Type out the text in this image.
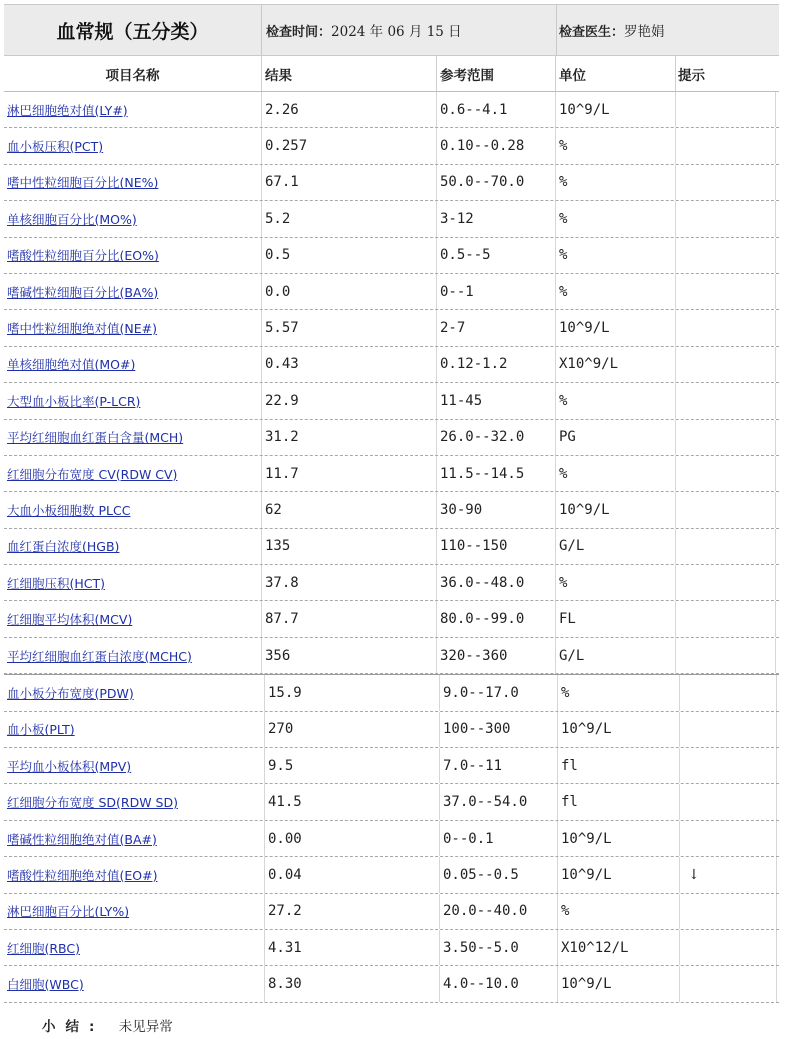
血常规（五分类）	检查时间： 2024 年 06 月 15 日	检查医生： 罗艳娟
项目名称	结果	参考范围	单位	提示
淋巴细胞绝对值(LY#)	2.26	0.6--4.1	10^9/L
血小板压积(PCT)	0.257	0.10--0.28 %
嗜中性粒细胞百分比(NE%)	67.1	50.0--70.0 %
单核细胞百分比(MO%)	5.2	3-12	%
嗜酸性粒细胞百分比(EO%)	0.5	0.5--5	%
嗜碱性粒细胞百分比(BA%)	0.0	0--1	%
嗜中性粒细胞绝对值(NE#)	5.57	2-7	10^9/L
单核细胞绝对值(MO#)	0.43	0.12-1.2	X10^9/L
大型血小板比率(P-LCR)	22.9	11-45	%
平均红细胞血红蛋白含量(MCH)	31.2	26.0--32.0 PG
红细胞分布宽度 CV(RDW CV)	11.7	11.5--14.5 %
大血小板细胞数 PLCC	62	30-90	10^9/L
血红蛋白浓度(HGB)	135	110--150	G/L
红细胞压积(HCT)	37.8	36.0--48.0 %
红细胞平均体积(MCV)	87.7	80.0--99.0 FL
平均红细胞血红蛋白浓度(MCHC)	356	320--360	G/L
血小板分布宽度(PDW)	15.9	9.0--17.0	%
血小板(PLT)	270	100--300	10^9/L
平均血小板体积(MPV)	9.5	7.0--11	fl
红细胞分布宽度 SD(RDW SD)	41.5	37.0--54.0 fl
嗜碱性粒细胞绝对值(BA#)	0.00	0--0.1	10^9/L
嗜酸性粒细胞绝对值(EO#)	0.04	0.05--0.5	10^9/L	↓
淋巴细胞百分比(LY%)	27.2	20.0--40.0 %
红细胞(RBC)	4.31	3.50--5.0	X10^12/L
白细胞(WBC)	8.30	4.0--10.0	10^9/L
小结: 未见异常
